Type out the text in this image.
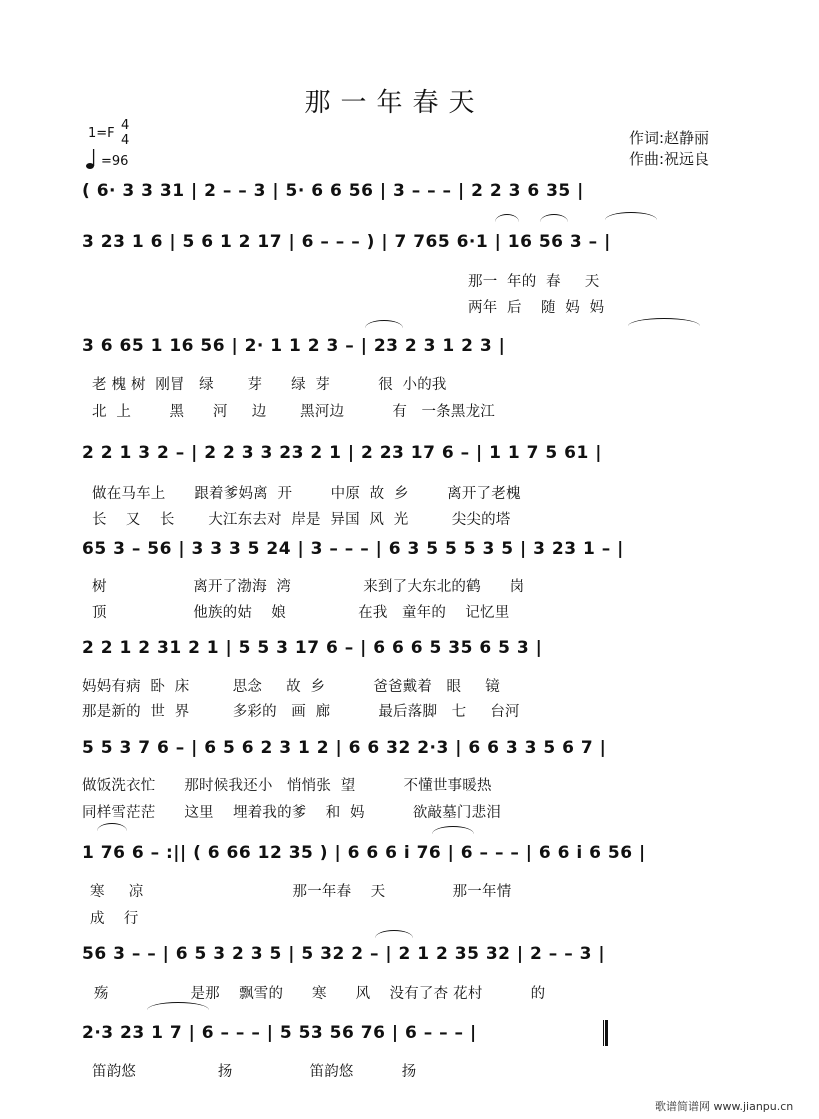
那一年春天
1=F
4
4
=96
作词:赵静丽
作曲:祝远良
( 6· 3 3 31 | 2 – – 3 | 5· 6 6 56 | 3 – – – | 2 2 3 6 35 |
3 23 1 6 | 5 6 1 2 17 | 6 – – – ) | 7 765 6·1 | 16 56 3 – |
那一  年的  春     天
两年  后    随  妈  妈
3 6 65 1 16 56 | 2· 1 1 2 3 – | 23 2 3 1 2 3 |
老 槐 树  刚冒   绿       芽      绿  芽          很  小的我
北  上        黑      河     边       黑河边          有   一条黑龙江
2 2 1 3 2 – | 2 2 3 3 23 2 1 | 2 23 17 6 – | 1 1 7 5 61 |
做在马车上      跟着爹妈离  开        中原  故  乡        离开了老槐
长    又    长       大江东去对  岸是  异国  风  光         尖尖的塔
65 3 – 56 | 3 3 3 5 24 | 3 – – – | 6 3 5 5 5 3 5 | 3 23 1 – |
树                  离开了渤海  湾               来到了大东北的鹤      岗
顶                  他族的姑    娘               在我   童年的    记忆里
2 2 1 2 31 2 1 | 5 5 3 17 6 – | 6 6 6 5 35 6 5 3 |
妈妈有病  卧  床         思念     故  乡          爸爸戴着   眼     镜
那是新的  世  界         多彩的   画  廊          最后落脚   七     台河
5 5 3 7 6 – | 6 5 6 2 3 1 2 | 6 6 32 2·3 | 6 6 3 3 5 6 7 |
做饭洗衣忙      那时候我还小   悄悄张  望          不懂世事暖热
同样雪茫茫      这里    埋着我的爹    和  妈          欲敲墓门悲泪
1 76 6 – :|| ( 6 66 12 35 ) | 6 6 6 i 76 | 6 – – – | 6 6 i 6 56 |
寒     凉                               那一年春    天              那一年情
成    行
56 3 – – | 6 5 3 2 3 5 | 5 32 2 – | 2 1 2 35 32 | 2 – – 3 |
殇                 是那    飘雪的      寒      风    没有了杏 花村          的
2·3 23 1 7 | 6 – – – | 5 53 56 76 | 6 – – – |
笛韵悠                 扬                笛韵悠          扬
歌谱简谱网 www.jianpu.cn
